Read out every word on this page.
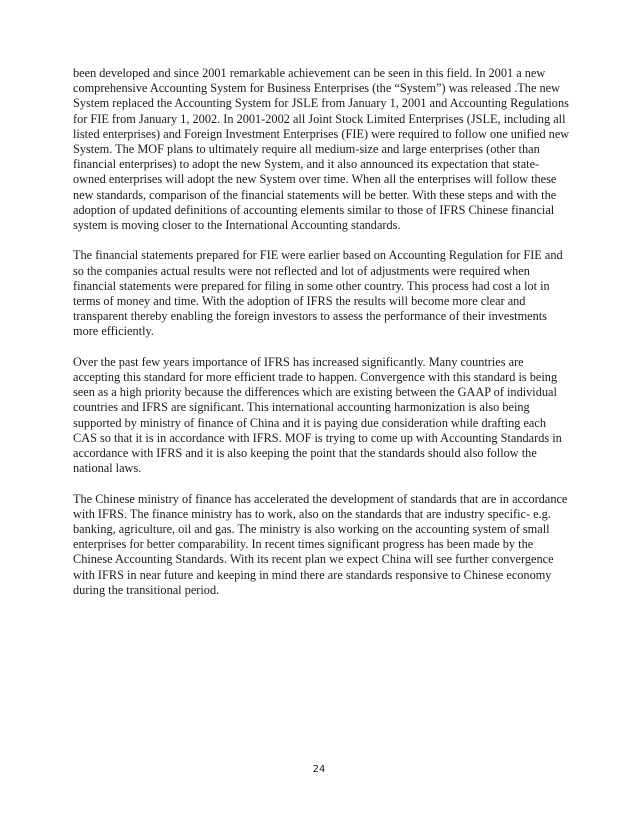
been developed and since 2001 remarkable achievement can be seen in this field. In 2001 a new comprehensive Accounting System for Business Enterprises (the “System”) was released .The new System replaced the Accounting System for JSLE from January 1, 2001 and Accounting Regulations for FIE from January 1, 2002. In 2001-2002 all Joint Stock Limited Enterprises (JSLE, including all listed enterprises) and Foreign Investment Enterprises (FIE) were required to follow one unified new System. The MOF plans to ultimately require all medium-size and large enterprises (other than financial enterprises) to adopt the new System, and it also announced its expectation that state-owned enterprises will adopt the new System over time. When all the enterprises will follow these new standards, comparison of the financial statements will be better. With these steps and with the adoption of updated definitions of accounting elements similar to those of IFRS Chinese financial system is moving closer to the International Accounting standards.

The financial statements prepared for FIE were earlier based on Accounting Regulation for FIE and so the companies actual results were not reflected and lot of adjustments were required when financial statements were prepared for filing in some other country. This process had cost a lot in terms of money and time. With the adoption of IFRS the results will become more clear and transparent thereby enabling the foreign investors to assess the performance of their investments more efficiently.

Over the past few years importance of IFRS has increased significantly. Many countries are accepting this standard for more efficient trade to happen. Convergence with this standard is being seen as a high priority because the differences which are existing between the GAAP of individual countries and IFRS are significant. This international accounting harmonization is also being supported by ministry of finance of China and it is paying due consideration while drafting each CAS so that it is in accordance with IFRS. MOF is trying to come up with Accounting Standards in accordance with IFRS and it is also keeping the point that the standards should also follow the national laws.

The Chinese ministry of finance has accelerated the development of standards that are in accordance with IFRS. The finance ministry has to work, also on the standards that are industry specific- e.g. banking, agriculture, oil and gas. The ministry is also working on the accounting system of small enterprises for better comparability. In recent times significant progress has been made by the Chinese Accounting Standards. With its recent plan we expect China will see further convergence with IFRS in near future and keeping in mind there are standards responsive to Chinese economy during the transitional period.

24
